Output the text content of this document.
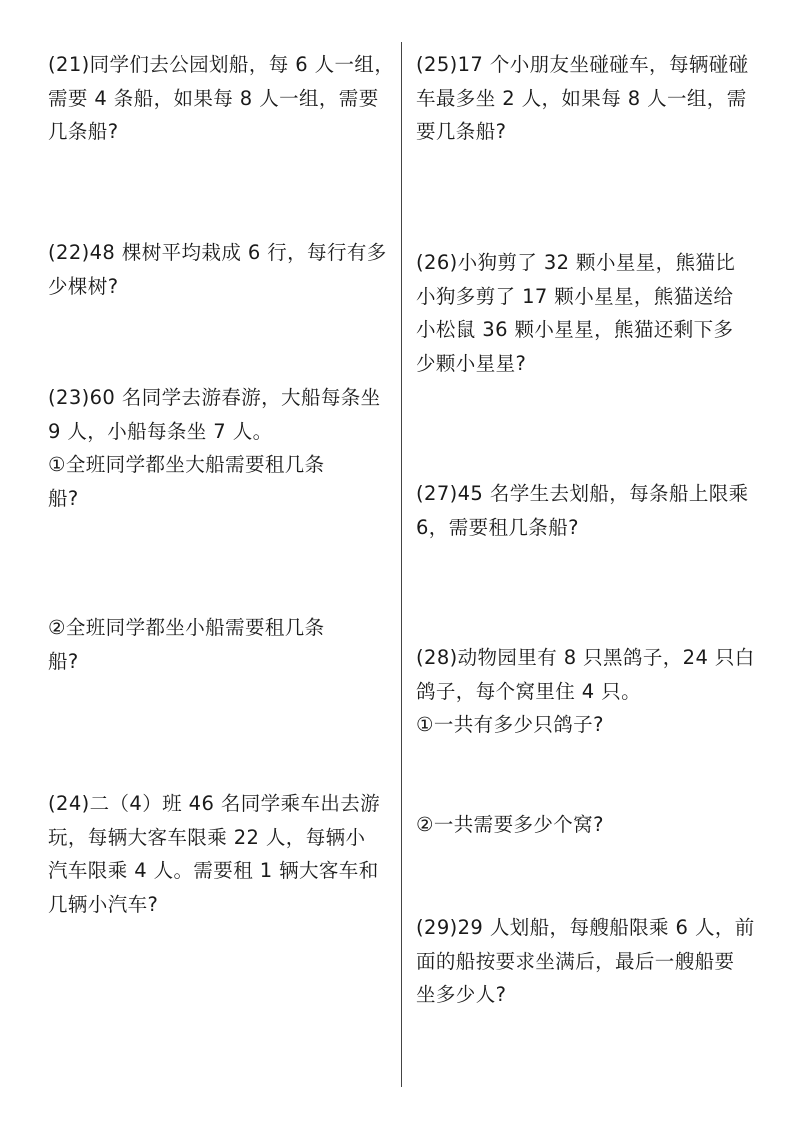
(21)同学们去公园划船，每 6 人一组，
需要 4 条船，如果每 8 人一组，需要
几条船?
(22)48 棵树平均栽成 6 行，每行有多
少棵树?
(23)60 名同学去游春游，大船每条坐
9 人，小船每条坐 7 人。
①全班同学都坐大船需要租几条
船?
②全班同学都坐小船需要租几条
船?
(24)二（4）班 46 名同学乘车出去游
玩，每辆大客车限乘 22 人，每辆小
汽车限乘 4 人。需要租 1 辆大客车和
几辆小汽车?
(25)17 个小朋友坐碰碰车，每辆碰碰
车最多坐 2 人，如果每 8 人一组，需
要几条船?
(26)小狗剪了 32 颗小星星，熊猫比
小狗多剪了 17 颗小星星，熊猫送给
小松鼠 36 颗小星星，熊猫还剩下多
少颗小星星?
(27)45 名学生去划船，每条船上限乘
6，需要租几条船?
(28)动物园里有 8 只黑鸽子，24 只白
鸽子，每个窝里住 4 只。
①一共有多少只鸽子?
②一共需要多少个窝?
(29)29 人划船，每艘船限乘 6 人，前
面的船按要求坐满后，最后一艘船要
坐多少人?
